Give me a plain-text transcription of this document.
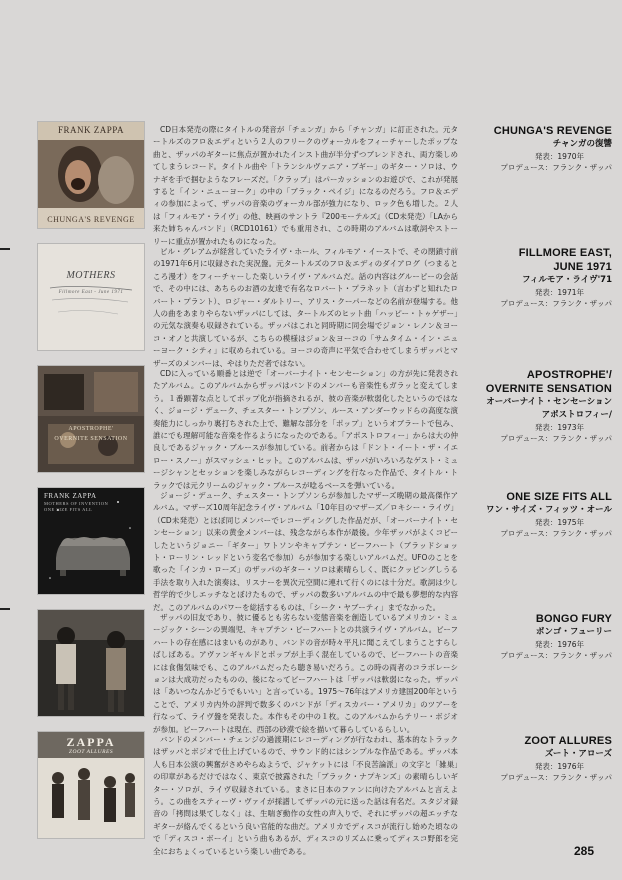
FRANK ZAPPA
CHUNGA'S REVENGE

CD日本発売の際にタイトルの発音が「チュンガ」から「チャンガ」に訂正された。元タートルズのフロ＆エディという２人のフリークのヴォーカルをフィーチャーしたポップな曲と、ザッパのギターに焦点が置かれたインスト曲が半分ずつブレンドされ、両方楽しめてしまうレコード。タイトル曲や「トランシルヴァニア・ブギー」のギター・ソロは、ウナギを手で掴むようなフレーズだ。「クラップ」はパーカッションのお遊びで、これが発展すると「イン・ニューヨーク」の中の「ブラック・ペイジ」になるのだろう。フロ＆エディの参加によって、ザッパの音楽のヴォーカル部が強力になり、ロック色も増した。２人は「フィルモア・ライヴ」の他、映画のサントラ『200モーテルズ』（CD未発売）「LAから来た姉ちゃんバンド」（RCD10161）でも重用され、この時期のアルバムは歌詞やストーリーに重点が置かれたものになった。

CHUNGA'S REVENGE
チャンガの復讐
発表：1970年
プロデュース：フランク・ザッパ
MOTHERS
Fillmore East - June 1971

ビル・グレアムが経営していたライヴ・ホール、フィルモア・イーストで、その閉鎖寸前の1971年6月に収録された実況盤。元タートルズのフロ＆エディのダイアログ（つまるところ漫才）をフィーチャーした楽しいライヴ・アルバムだ。話の内容はグルーピーの会話で、その中には、あちらのお酒の友達で有名なロバート・プラネット（言わずと知れたロバート・プラント）、ロジャー・ダルトリー、アリス・クーパーなどの名前が登場する。他人の曲をあまりやらないザッパにしては、タートルズのヒット曲「ハッピー・トゥゲザー」の元気な演奏も収録されている。ザッパはこれと同時期に同会場でジョン・レノン＆ヨーコ・オノと共演しているが、こちらの模様はジョン＆ヨーコの「サムタイム・イン・ニューヨーク・シティ」に収められている。ヨーコの奇声に平気で合わせてしまうザッパとマザーズのメンバーは、やはりただ者ではない。

FILLMORE EAST,
JUNE 1971
フィルモア・ライヴ'71
発表：1971年
プロデュース：フランク・ザッパ
APOSTROPHE'
OVERNITE SENSATION

CDに入っている順番とは逆で「オーバーナイト・センセーション」の方が先に発表されたアルバム。このアルバムからザッパはバンドのメンバーも音楽性もガラッと変えてしまう。１番顕著な点としてポップ化が指摘されるが、彼の音楽が軟弱化したというのではなく、ジョージ・デューク、チェスター・トンプソン、ルース・アンダーウッドらの高度な演奏能力にしっかり裏打ちされた上で、難解な部分を「ポップ」というオブラートで包み、誰にでも理解可能な音楽を作るようになったのである。「アポストロフィー」からは大の仲良しであるジャック・ブルースが参加している。前者からは「ドント・イート・ザ・イエロー・スノー」がスマッシュ・ヒット。このアルバムは、ザッパがいろいろなゲスト・ミュージシャンとセッションを楽しみながらレコーディングを行なった作品で、タイトル・トラックでは元クリームのジャック・ブルースが唸るベースを弾いている。

APOSTROPHE'/
OVERNITE SENSATION
オーバーナイト・センセーション
アポストロフィー/
発表：1973年
プロデュース：フランク・ザッパ
FRANK ZAPPA
MOTHERS OF INVENTION
ONE SIZE FITS ALL

ジョージ・デューク、チェスター・トンプソンらが参加したマザーズ晩期の最高傑作アルバム。マザーズ10周年記念ライヴ・アルバム「10年目のマザーズ／ロキシー・ライヴ」（CD未発売）とほぼ同じメンバーでレコーディングした作品だが、「オーバーナイト・センセーション」以来の黄金メンバーは、残念ながら本作が最後。少年ザッパがよくコピーしたというジョニー「ギター」ワトソンやキャプテン・ビーフハート（ブラッドショット・ローリン・レッドという変名で参加）らが参加する楽しいアルバムだ。UFOのことを歌った「インカ・ローズ」のザッパのギター・ソロは素晴らしく、既にクッピングしうる手法を取り入れた演奏は、リスナーを異次元空間に連れて行くのには十分だ。歌詞は少し哲学的で少しエッチなとぼけたもので、ザッパの数多いアルバムの中で最も夢想的な内容だ。このアルバムのパワーを総括するものは、「シーク・ヤブーティ」までなかった。

ONE SIZE FITS ALL
ワン・サイズ・フィッツ・オール
発表：1975年
プロデュース：フランク・ザッパ

ザッパの旧友であり、彼に優るとも劣らない変態音楽を創造しているアメリカン・ミュージック・シーンの異端児、キャプテン・ビーフハートとの共演ライヴ・アルバム。ビーフハートの存在感にはまいものがあり、バンドの音が時々平凡に聞こえてしまうことすらしばしばある。アヴァンギャルドとポップが上手く混在しているので、ビーフハートの音楽には食傷気味でも、このアルバムだったら聴き易いだろう。この時の両者のコラボレーションは大成功だったものの、後になってビーフハートは「ザッパは軟弱になった。ザッパは「あいつなんかどうでもいい」と言っている。1975〜76年はアメリカ建国200年ということで、アメリカ内外の評判で数多くのバンドが「ディスカバー・アメリカ」のツアーを行なって、ライヴ盤を発表した。本作もその中の１枚。このアルバムからテリー・ボジオが参加。ビーフハートは現在、西部の砂漠で絵を描いて暮らしているらしい。

BONGO FURY
ボンゴ・フューリー
発表：1976年
プロデュース：フランク・ザッパ
ZAPPA
ZOOT ALLURES

バンドのメンバー・チェンジの過渡期にレコーディングが行なわれ、基本的なトラックはザッパとボジオで仕上げているので、サウンド的にはシンプルな作品である。ザッパ本人も日本公演の興奮がさめやらぬようで、ジャケットには「不良苦論派」の文字と「雑巣」の印章があるだけではなく、東京で披露された「ブラック・ナプキンズ」の素晴らしいギター・ソロが、ライヴ収録されている。まさに日本のファンに向けたアルバムと言えよう。この曲をスティーヴ・ヴァイが採譜してザッパの元に送った話は有名だ。スタジオ録音の「拷問は果てしなく」は、生喘ぎ動作の女性の声入りで、それにザッパの超エッチなギターが絡んでくるという良い官能的な曲だ。アメリカでディスコが流行し始めた頃なので「ディスコ・ボーイ」という曲もあるが、ディスコのリズムに乗ってディスコ野郎を完全におちょくっているという楽しい曲である。

ZOOT ALLURES
ズート・アローズ
発表：1976年
プロデュース：フランク・ザッパ
285
